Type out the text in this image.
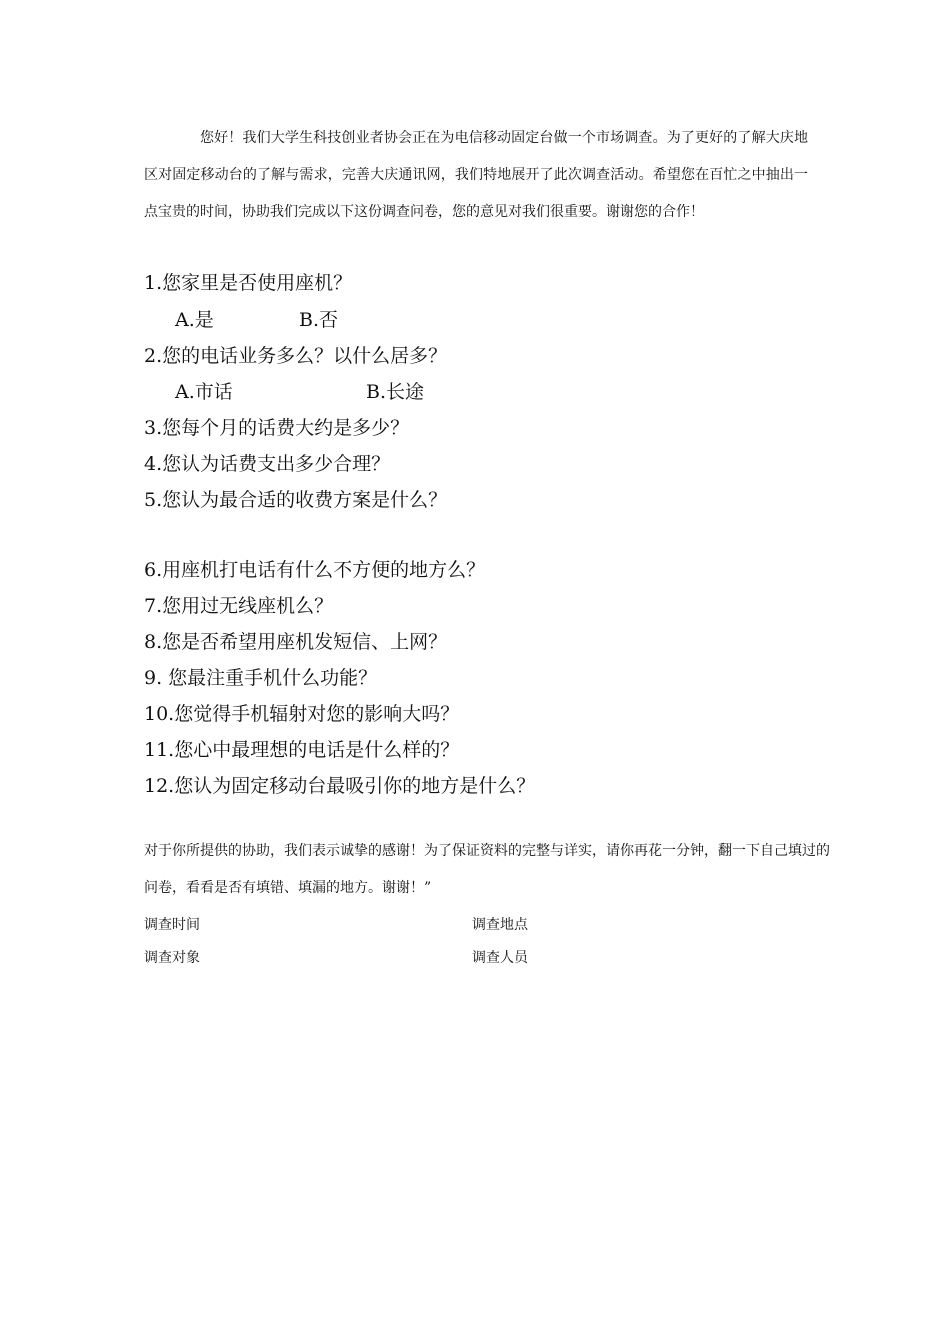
您好！我们大学生科技创业者协会正在为电信移动固定台做一个市场调查。为了更好的了解大庆地区对固定移动台的了解与需求，完善大庆通讯网，我们特地展开了此次调查活动。希望您在百忙之中抽出一点宝贵的时间，协助我们完成以下这份调查问卷，您的意见对我们很重要。谢谢您的合作！

1.您家里是否使用座机？

A.是	B.否

2.您的电话业务多么？以什么居多？

A.市话	B.长途

3.您每个月的话费大约是多少？

4.您认为话费支出多少合理？

5.您认为最合适的收费方案是什么？

6.用座机打电话有什么不方便的地方么？

7.您用过无线座机么？

8.您是否希望用座机发短信、上网？

9. 您最注重手机什么功能？

10.您觉得手机辐射对您的影响大吗？

11.您心中最理想的电话是什么样的？

12.您认为固定移动台最吸引你的地方是什么？

对于你所提供的协助，我们表示诚挚的感谢！为了保证资料的完整与详实，请你再花一分钟，翻一下自己填过的问卷，看看是否有填错、填漏的地方。谢谢！”

调查时间	调查地点
调查对象	调查人员
